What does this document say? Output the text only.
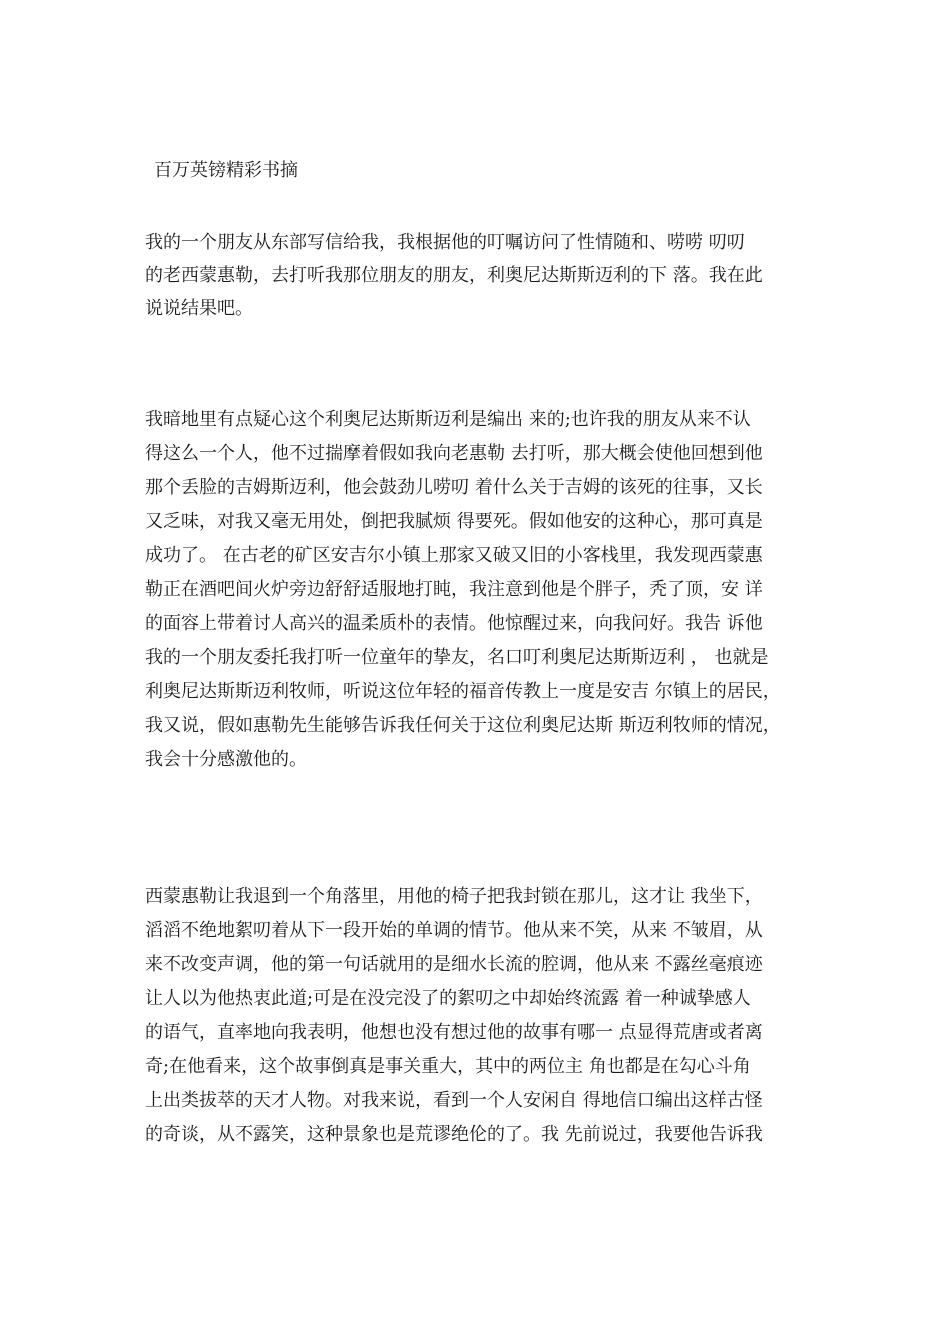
百万英镑精彩书摘
我的一个朋友从东部写信给我，我根据他的叮嘱访问了性情随和、唠唠 叨叨
的老西蒙惠勒，去打听我那位朋友的朋友，利奥尼达斯斯迈利的下 落。我在此
说说结果吧。
我暗地里有点疑心这个利奥尼达斯斯迈利是编出 来的;也许我的朋友从来不认
得这么一个人，他不过揣摩着假如我向老惠勒 去打听，那大概会使他回想到他
那个丢脸的吉姆斯迈利，他会鼓劲儿唠叨 着什么关于吉姆的该死的往事，又长
又乏味，对我又毫无用处，倒把我腻烦 得要死。假如他安的这种心，那可真是
成功了。 在古老的矿区安吉尔小镇上那家又破又旧的小客栈里，我发现西蒙惠
勒正在酒吧间火炉旁边舒舒适服地打盹，我注意到他是个胖子，秃了顶，安 详
的面容上带着讨人高兴的温柔质朴的表情。他惊醒过来，向我问好。我告 诉他
我的一个朋友委托我打听一位童年的挚友，名口叮利奥尼达斯斯迈利 ， 也就是
利奥尼达斯斯迈利牧师，听说这位年轻的福音传教上一度是安吉 尔镇上的居民，
我又说，假如惠勒先生能够告诉我任何关于这位利奥尼达斯 斯迈利牧师的情况，
我会十分感激他的。
西蒙惠勒让我退到一个角落里，用他的椅子把我封锁在那儿，这才让 我坐下，
滔滔不绝地絮叨着从下一段开始的单调的情节。他从来不笑，从来 不皱眉，从
来不改变声调，他的第一句话就用的是细水长流的腔调，他从来 不露丝毫痕迹
让人以为他热衷此道;可是在没完没了的絮叨之中却始终流露 着一种诚挚感人
的语气，直率地向我表明，他想也没有想过他的故事有哪一 点显得荒唐或者离
奇;在他看来，这个故事倒真是事关重大，其中的两位主 角也都是在勾心斗角
上出类拔萃的天才人物。对我来说，看到一个人安闲自 得地信口编出这样古怪
的奇谈，从不露笑，这种景象也是荒谬绝伦的了。我 先前说过，我要他告诉我
